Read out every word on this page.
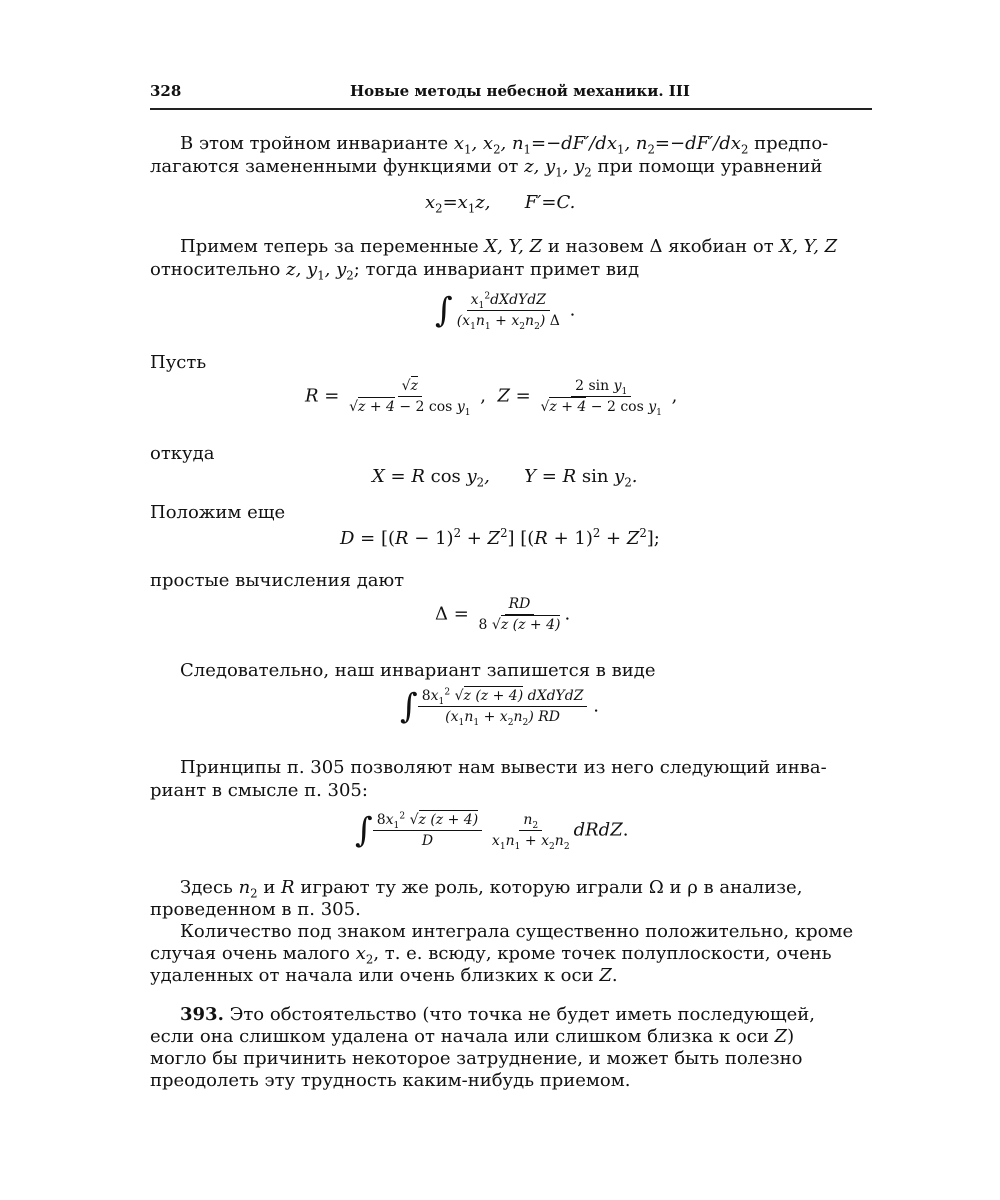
328	Новые методы небесной механики. III
В этом тройном инварианте $x_1$, $x_2$, $n_1=-dF'/dx_1$, $n_2=-dF'/dx_2$ предпо-
лагаются замененными функциями от z, $y_1$, $y_2$ при помощи уравнений
$x_2=x_1z$,      F′=C.
Примем теперь за переменные X, Y, Z и назовем Δ якобиан от X, Y, Z
относительно z, $y_1$, $y_2$; тогда инвариант примет вид
∫ $\frac{x_1^2dXdYdZ}{(x_1n_1 + x_2n_2) \Delta}$ .
Пусть
$R = \frac{√z}{√z + 4 - 2 \cos y_1}$ ,  $Z = \frac{2 \sin y_1}{√z + 4 - 2 \cos y_1}$ ,
откуда
X = R $\cos y_2$,      Y = R $\sin y_2$.
Положим еще
$D = [(R - 1)^2 + Z^2]$ $[(R + 1)^2 + Z^2]$;
простые вычисления дают
$\Delta = \frac{RD}{8 √z (z + 4)}$ .
Следовательно, наш инвариант запишется в виде
∫ $\frac{8x_1^2 √z (z + 4) dXdYdZ}{(x_1n_1 + x_2n_2) RD}$ .
Принципы п. 305 позволяют нам вывести из него следующий инва-
риант в смысле п. 305:
∫ $\frac{8x_1^2 √z (z + 4)}{D}$
$\frac{n_2}{x_1n_1 + x_2n_2}$ dRdZ.
Здесь $n_2$ и R играют ту же роль, которую играли Ω и ρ в анализе,
проведенном в п. 305.
Количество под знаком интеграла существенно положительно, кроме
случая очень малого $x_2$, т. е. всюду, кроме точек полуплоскости, очень
удаленных от начала или очень близких к оси Z.
393. Это обстоятельство (что точка не будет иметь последующей,
если она слишком удалена от начала или слишком близка к оси Z)
могло бы причинить некоторое затруднение, и может быть полезно
преодолеть эту трудность каким-нибудь приемом.
